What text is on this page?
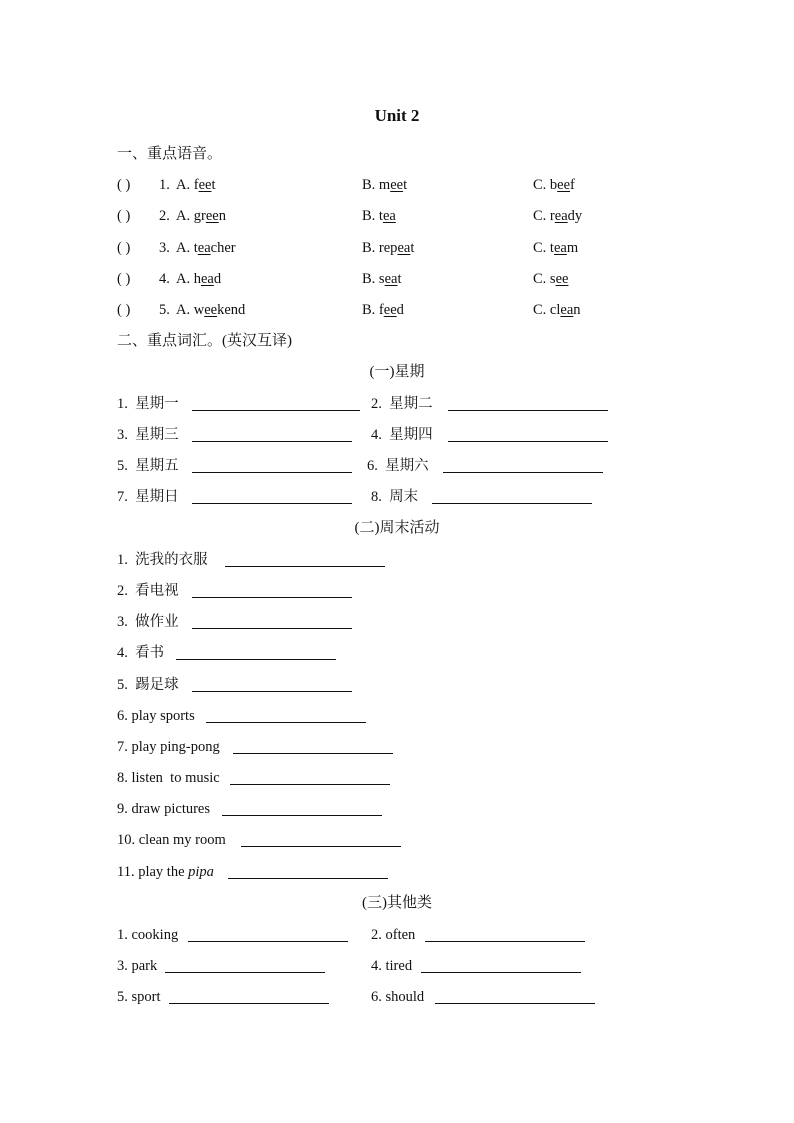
Unit 2
一、重点语音。
( ) 1. A. feet	B. meet	C. beef
( ) 2. A. green	B. tea	C. ready
( ) 3. A. teacher	B. repeat	C. team
( ) 4. A. head	B. seat	C. see
( ) 5. A. weekend	B. feed	C. clean
二、重点词汇。(英汉互译)
(一)星期
1. 星期一	2. 星期二
3. 星期三	4. 星期四
5. 星期五	6. 星期六
7. 星期日	8. 周末
(二)周末活动
1. 洗我的衣服
2. 看电视
3. 做作业
4. 看书
5. 踢足球
6. play sports
7. play ping-pong
8. listen  to music
9. draw pictures
10. clean my room
11. play the pipa
(三)其他类
1. cooking	2. often
3. park	4. tired
5. sport	6. should
